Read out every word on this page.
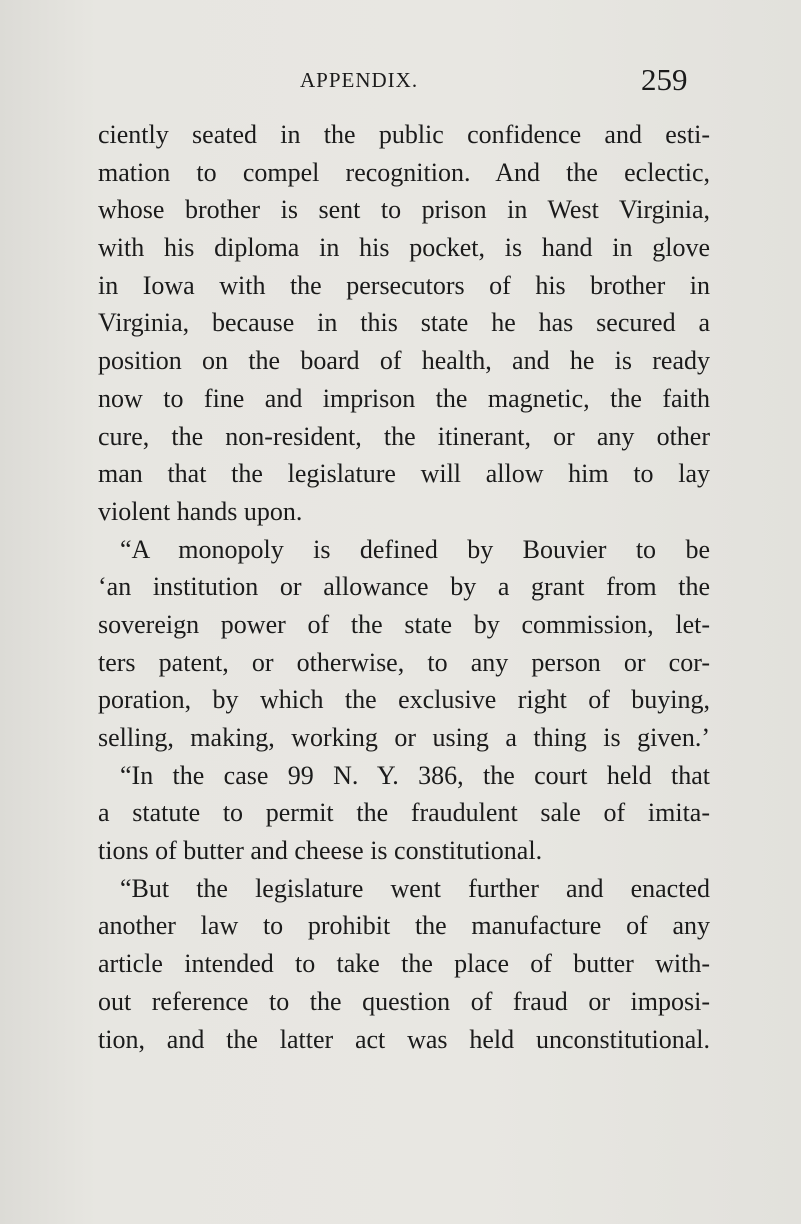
APPENDIX.	259
ciently seated in the public confidence and esti-
mation to compel recognition. And the eclectic,
whose brother is sent to prison in West Virginia,
with his diploma in his pocket, is hand in glove
in Iowa with the persecutors of his brother in
Virginia, because in this state he has secured a
position on the board of health, and he is ready
now to fine and imprison the magnetic, the faith
cure, the non-resident, the itinerant, or any other
man that the legislature will allow him to lay
violent hands upon.
“A monopoly is defined by Bouvier to be
‘an institution or allowance by a grant from the
sovereign power of the state by commission, let-
ters patent, or otherwise, to any person or cor-
poration, by which the exclusive right of buying,
selling, making, working or using a thing is given.’
“In the case 99 N. Y. 386, the court held that
a statute to permit the fraudulent sale of imita-
tions of butter and cheese is constitutional.
“But the legislature went further and enacted
another law to prohibit the manufacture of any
article intended to take the place of butter with-
out reference to the question of fraud or imposi-
tion, and the latter act was held unconstitutional.
